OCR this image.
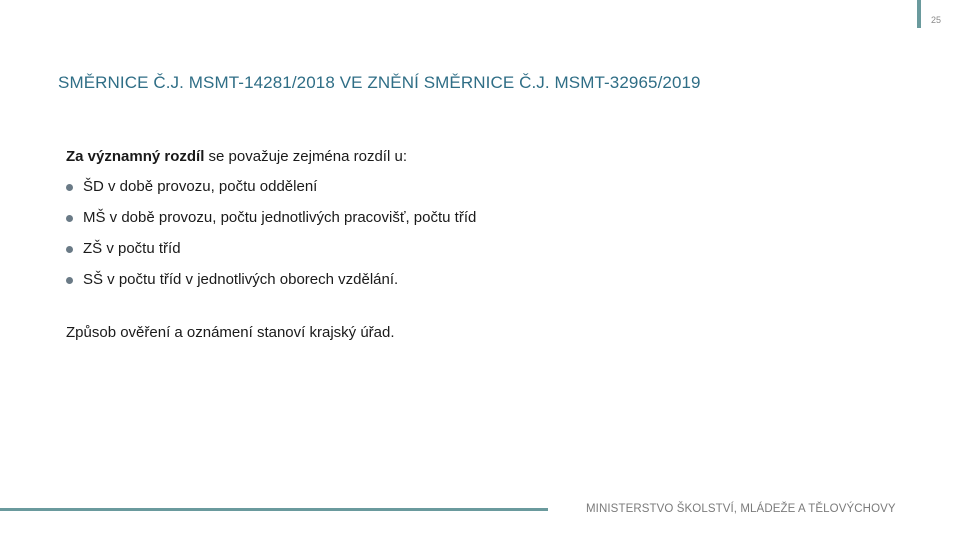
25
SMĚRNICE Č.J. MSMT-14281/2018 VE ZNĚNÍ SMĚRNICE Č.J. MSMT-32965/2019

Za významný rozdíl se považuje zejména rozdíl u:

ŠD v době provozu, počtu oddělení
MŠ v době provozu, počtu jednotlivých pracovišť, počtu tříd
ZŠ v počtu tříd
SŠ v počtu tříd v jednotlivých oborech vzdělání.

Způsob ověření a oznámení stanoví krajský úřad.

MINISTERSTVO ŠKOLSTVÍ, MLÁDEŽE A TĚLOVÝCHOVY
